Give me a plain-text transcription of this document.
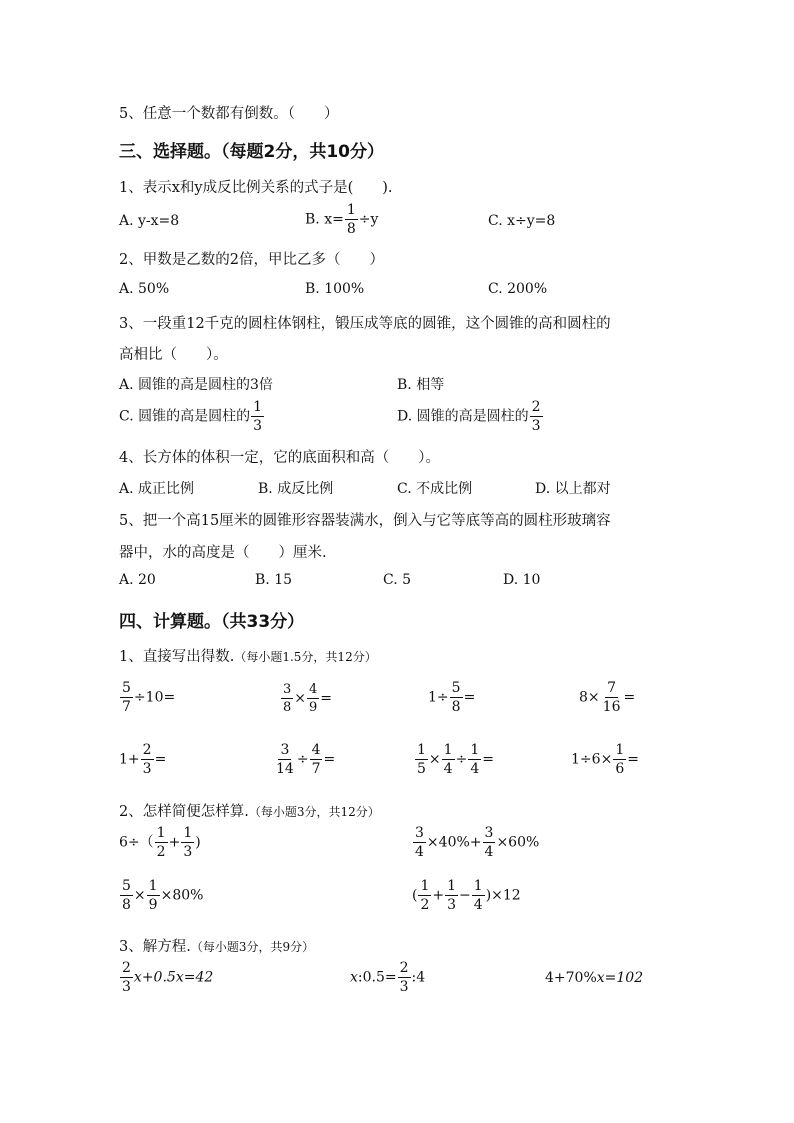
5、任意一个数都有倒数。（　　）
三、选择题。（每题2分，共10分）
1、表示x和y成反比例关系的式子是(　　).
A. y-x=8	B. $x= \frac{1}{8} \div y$	C. x÷y=8
2、甲数是乙数的2倍，甲比乙多（　　）
A. 50%	B. 100%	C. 200%
3、一段重12千克的圆柱体钢柱，锻压成等底的圆锥，这个圆锥的高和圆柱的
高相比（　　）。
A. 圆锥的高是圆柱的3倍	B. 相等
C. 圆锥的高是圆柱的 $\frac{1}{3}$	D. 圆锥的高是圆柱的 $\frac{2}{3}$
4、长方体的体积一定，它的底面积和高（　　）。
A. 成正比例	B. 成反比例	C. 不成比例	D. 以上都对
5、把一个高15厘米的圆锥形容器装满水，倒入与它等底等高的圆柱形玻璃容
器中，水的高度是（　　）厘米.
A. 20	B. 15	C. 5	D. 10
四、计算题。（共33分）
1、直接写出得数.（每小题1.5分，共12分）
$\frac{5}{7} \div 10=$	$\frac{3}{8} \times \frac{4}{9}$ =	$1\div \frac{5}{8}$ =	$8\times \frac{7}{16}$ =
$1+ \frac{2}{3}$ =	$\frac{3}{14} \div \frac{4}{7}$ =	$\frac{1}{5} \times \frac{1}{4} \div \frac{1}{4}$ =	$1\div 6\times \frac{1}{6}$ =
2、怎样简便怎样算.（每小题3分，共12分）
$6\div( \frac{1}{2} + \frac{1}{3}$ )	$\frac{3}{4} \times 40\%+ \frac{3}{4} \times 60\%$
$\frac{5}{8} \times \frac{1}{9} \times 80\%$	( $\frac{1}{2} + \frac{1}{3} - \frac{1}{4} )\times 12$
3、解方程.（每小题3分，共9分）
$\frac{2}{3} x+0.5x=42$	x:0.5= $\frac{2}{3}$ :4	4+70%x=102
